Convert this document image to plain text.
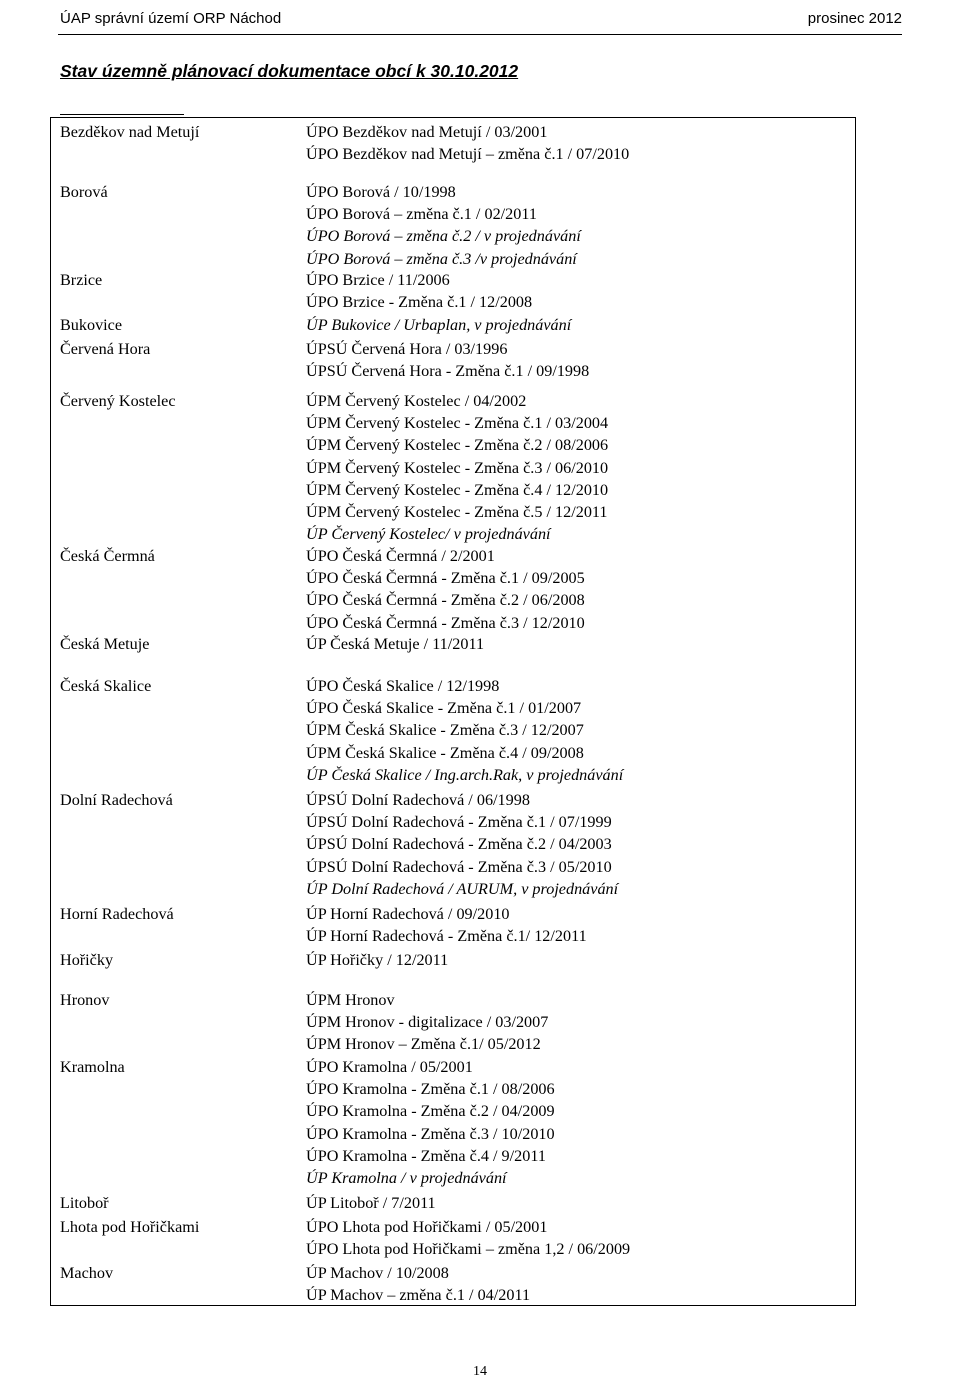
ÚAP správní území ORP Náchod	prosinec 2012
Stav územně plánovací dokumentace obcí k 30.10.2012
Bezděkov nad Metují	ÚPO Bezděkov nad Metují / 03/2001
ÚPO Bezděkov nad Metují – změna č.1 / 07/2010
Borová	ÚPO Borová / 10/1998
ÚPO Borová – změna č.1 / 02/2011
ÚPO Borová – změna č.2 / v projednávání
ÚPO Borová – změna č.3 /v projednávání
Brzice	ÚPO Brzice / 11/2006
ÚPO Brzice - Změna č.1 / 12/2008
Bukovice	ÚP Bukovice / Urbaplan, v projednávání
Červená Hora	ÚPSÚ Červená Hora / 03/1996
ÚPSÚ Červená Hora - Změna č.1 / 09/1998
Červený Kostelec	ÚPM Červený Kostelec / 04/2002
ÚPM Červený Kostelec - Změna č.1 / 03/2004
ÚPM Červený Kostelec - Změna č.2 / 08/2006
ÚPM Červený Kostelec - Změna č.3 / 06/2010
ÚPM Červený Kostelec - Změna č.4 / 12/2010
ÚPM Červený Kostelec - Změna č.5 / 12/2011
ÚP Červený Kostelec/ v projednávání
Česká Čermná	ÚPO Česká Čermná / 2/2001
ÚPO Česká Čermná - Změna č.1 / 09/2005
ÚPO Česká Čermná - Změna č.2 / 06/2008
ÚPO Česká Čermná - Změna č.3 / 12/2010
Česká Metuje	ÚP Česká Metuje / 11/2011
Česká Skalice	ÚPO Česká Skalice / 12/1998
ÚPO Česká Skalice - Změna č.1 / 01/2007
ÚPM Česká Skalice - Změna č.3 / 12/2007
ÚPM Česká Skalice - Změna č.4 / 09/2008
ÚP Česká Skalice / Ing.arch.Rak, v projednávání
Dolní Radechová	ÚPSÚ Dolní Radechová / 06/1998
ÚPSÚ Dolní Radechová - Změna č.1 / 07/1999
ÚPSÚ Dolní Radechová - Změna č.2 / 04/2003
ÚPSÚ Dolní Radechová - Změna č.3 / 05/2010
ÚP Dolní Radechová / AURUM, v projednávání
Horní Radechová	ÚP Horní Radechová / 09/2010
ÚP Horní Radechová - Změna č.1/ 12/2011
Hořičky	ÚP Hořičky / 12/2011
Hronov	ÚPM Hronov
ÚPM Hronov - digitalizace / 03/2007
ÚPM Hronov – Změna č.1/ 05/2012
Kramolna	ÚPO Kramolna / 05/2001
ÚPO Kramolna - Změna č.1 / 08/2006
ÚPO Kramolna - Změna č.2 / 04/2009
ÚPO Kramolna - Změna č.3 / 10/2010
ÚPO Kramolna - Změna č.4 / 9/2011
ÚP Kramolna / v projednávání
Litoboř	ÚP Litoboř / 7/2011
Lhota pod Hořičkami	ÚPO Lhota pod Hořičkami / 05/2001
ÚPO Lhota pod Hořičkami – změna 1,2 / 06/2009
Machov	ÚP Machov / 10/2008
ÚP Machov – změna č.1 / 04/2011
14
